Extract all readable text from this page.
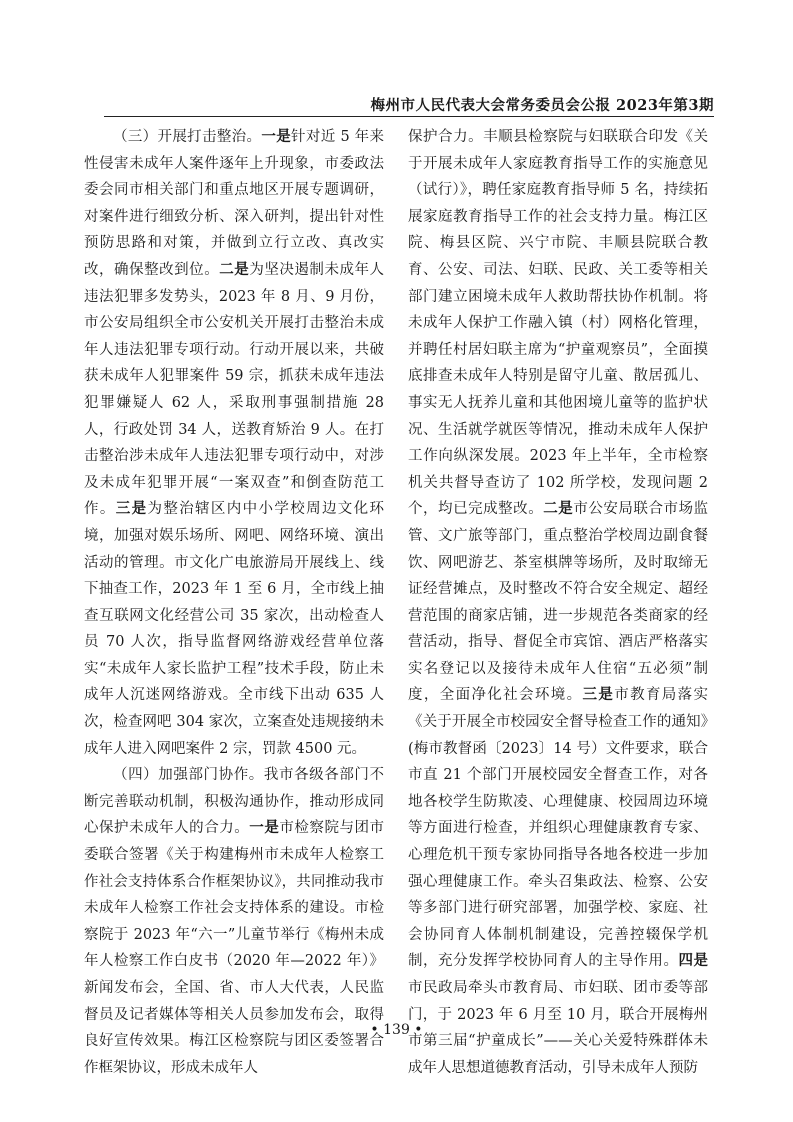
梅州市人民代表大会常务委员会公报 2023年第3期

（三）开展打击整治。一是针对近 5 年来性侵害未成年人案件逐年上升现象，市委政法委会同市相关部门和重点地区开展专题调研，对案件进行细致分析、深入研判，提出针对性预防思路和对策，并做到立行立改、真改实改，确保整改到位。二是为坚决遏制未成年人违法犯罪多发势头，2023 年 8 月、9 月份，市公安局组织全市公安机关开展打击整治未成年人违法犯罪专项行动。行动开展以来，共破获未成年人犯罪案件 59 宗，抓获未成年违法犯罪嫌疑人 62 人，采取刑事强制措施 28 人，行政处罚 34 人，送教育矫治 9 人。在打击整治涉未成年人违法犯罪专项行动中，对涉及未成年犯罪开展“一案双查”和倒查防范工作。三是为整治辖区内中小学校周边文化环境，加强对娱乐场所、网吧、网络环境、演出活动的管理。市文化广电旅游局开展线上、线下抽查工作，2023 年 1 至 6 月，全市线上抽查互联网文化经营公司 35 家次，出动检查人员 70 人次，指导监督网络游戏经营单位落实“未成年人家长监护工程”技术手段，防止未成年人沉迷网络游戏。全市线下出动 635 人次，检查网吧 304 家次，立案查处违规接纳未成年人进入网吧案件 2 宗，罚款 4500 元。

（四）加强部门协作。我市各级各部门不断完善联动机制，积极沟通协作，推动形成同心保护未成年人的合力。一是市检察院与团市委联合签署《关于构建梅州市未成年人检察工作社会支持体系合作框架协议》，共同推动我市未成年人检察工作社会支持体系的建设。市检察院于 2023 年“六一”儿童节举行《梅州未成年人检察工作白皮书（2020 年—2022 年）》新闻发布会，全国、省、市人大代表，人民监督员及记者媒体等相关人员参加发布会，取得良好宣传效果。梅江区检察院与团区委签署合作框架协议，形成未成年人

保护合力。丰顺县检察院与妇联联合印发《关于开展未成年人家庭教育指导工作的实施意见（试行）》，聘任家庭教育指导师 5 名，持续拓展家庭教育指导工作的社会支持力量。梅江区院、梅县区院、兴宁市院、丰顺县院联合教育、公安、司法、妇联、民政、关工委等相关部门建立困境未成年人救助帮扶协作机制。将未成年人保护工作融入镇（村）网格化管理，并聘任村居妇联主席为“护童观察员”，全面摸底排查未成年人特别是留守儿童、散居孤儿、事实无人抚养儿童和其他困境儿童等的监护状况、生活就学就医等情况，推动未成年人保护工作向纵深发展。2023 年上半年，全市检察机关共督导查访了 102 所学校，发现问题 2 个，均已完成整改。二是市公安局联合市场监管、文广旅等部门，重点整治学校周边副食餐饮、网吧游艺、茶室棋牌等场所，及时取缔无证经营摊点，及时整改不符合安全规定、超经营范围的商家店铺，进一步规范各类商家的经营活动，指导、督促全市宾馆、酒店严格落实实名登记以及接待未成年人住宿“五必须”制度，全面净化社会环境。三是市教育局落实《关于开展全市校园安全督导检查工作的通知》(梅市教督函〔2023〕14 号）文件要求，联合市直 21 个部门开展校园安全督查工作，对各地各校学生防欺凌、心理健康、校园周边环境等方面进行检查，并组织心理健康教育专家、心理危机干预专家协同指导各地各校进一步加强心理健康工作。牵头召集政法、检察、公安等多部门进行研究部署，加强学校、家庭、社会协同育人体制机制建设，完善控辍保学机制，充分发挥学校协同育人的主导作用。四是市民政局牵头市教育局、市妇联、团市委等部门，于 2023 年 6 月至 10 月，联合开展梅州市第三届“护童成长”——关心关爱特殊群体未成年人思想道德教育活动，引导未成年人预防

• 139 •
